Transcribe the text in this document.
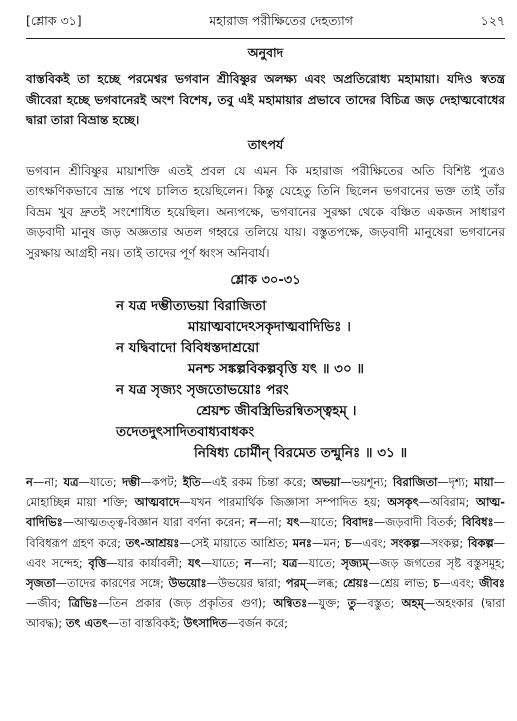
[শ্লোক ৩১]	মহারাজ পরীক্ষিতের দেহত্যাগ	১২৭
অনুবাদ

বাস্তবিকই তা হচ্ছে পরমেশ্বর ভগবান শ্রীবিষ্ণুর অলক্ষ্য এবং অপ্রতিরোধ্য মহামায়া। যদিও স্বতন্ত্র জীবেরা হচ্ছে ভগবানেরই অংশ বিশেষ, তবু এই মহামায়ার প্রভাবে তাদের বিচিত্র জড় দেহাত্মবোধের দ্বারা তারা বিভ্রান্ত হচ্ছে।

তাৎপর্য

ভগবান শ্রীবিষ্ণুর মায়াশক্তি এতই প্রবল যে এমন কি মহারাজ পরীক্ষিতের অতি বিশিষ্ট পুত্রও তাৎক্ষণিকভাবে ভ্রান্ত পথে চালিত হয়েছিলেন। কিন্তু যেহেতু তিনি ছিলেন ভগবানের ভক্ত তাই তাঁর বিভ্রম খুব দ্রুতই সংশোধিত হয়েছিল। অন্যপক্ষে, ভগবানের সুরক্ষা থেকে বঞ্চিত একজন সাধারণ জড়বাদী মানুষ জড় অজ্ঞতার অতল গহ্বরে তলিয়ে যায়। বস্তুতপক্ষে, জড়বাদী মানুষেরা ভগবানের সুরক্ষায় আগ্রহী নয়। তাই তাদের পূর্ণ ধ্বংস অনিবার্য।

শ্লোক ৩০-৩১
ন যত্র দম্ভীত্যভয়া বিরাজিতা
মায়াত্মবাদেঽসকৃদাত্মবাদিভিঃ ।
ন যদ্বিবাদো বিবিধস্তদাশ্রয়ো
মনশ্চ সঙ্কল্পবিকল্পবৃত্তি যৎ ॥ ৩০ ॥
ন যত্র সৃজ্যং সৃজতোভয়োঃ পরং
শ্রেয়শ্চ জীবস্ত্রিভিরন্বিতস্ত্বহম্ ।
তদেতদুৎসাদিতবাধ্যবাধকং
নিষিধ্য চোর্মীন্ বিরমেত তন্মুনিঃ ॥ ৩১ ॥
ন—না; যত্র—যাতে; দম্ভী—কপট; ইতি—এই রকম চিন্তা করে; অভয়া—ভয়শূন্য; বিরাজিতা—দৃশ্য; মায়া—মোহাচ্ছিন্ন মায়া শক্তি; আত্মবাদে—যখন পারমার্থিক জিজ্ঞাসা সম্পাদিত হয়; অসকৃৎ—অবিরাম; আত্ম-বাদিভিঃ—আত্মতত্ত্ব-বিজ্ঞান যারা বর্ণনা করেন; ন—না; যৎ—যাতে; বিবাদঃ—জড়বাদী বিতর্ক; বিবিধঃ—বিবিধরূপ গ্রহণ করে; তৎ-আশ্রয়ঃ—সেই মায়াতে আশ্রিত; মনঃ—মন; চ—এবং; সংকল্প—সংকল্প; বিকল্প—এবং সন্দেহ; বৃত্তি—যার কার্যাবলী; যৎ—যাতে; ন—না; যত্র—যাতে; সৃজ্যম্—জড় জগতের সৃষ্ট বস্তুসমূহ; সৃজতা—তাদের কারণের সঙ্গে; উভয়োঃ—উভয়ের দ্বারা; পরম্—লব্ধ; শ্রেয়ঃ—শ্রেয় লাভ; চ—এবং; জীবঃ—জীব; ত্রিভিঃ—তিন প্রকার (জড় প্রকৃতির গুণ); অন্বিতঃ—যুক্ত; তু—বস্তুত; অহম্—অহংকার (দ্বারা আবদ্ধ); তৎ এতৎ—তা বাস্তবিকই; উৎসাদিত—বর্জন করে;
